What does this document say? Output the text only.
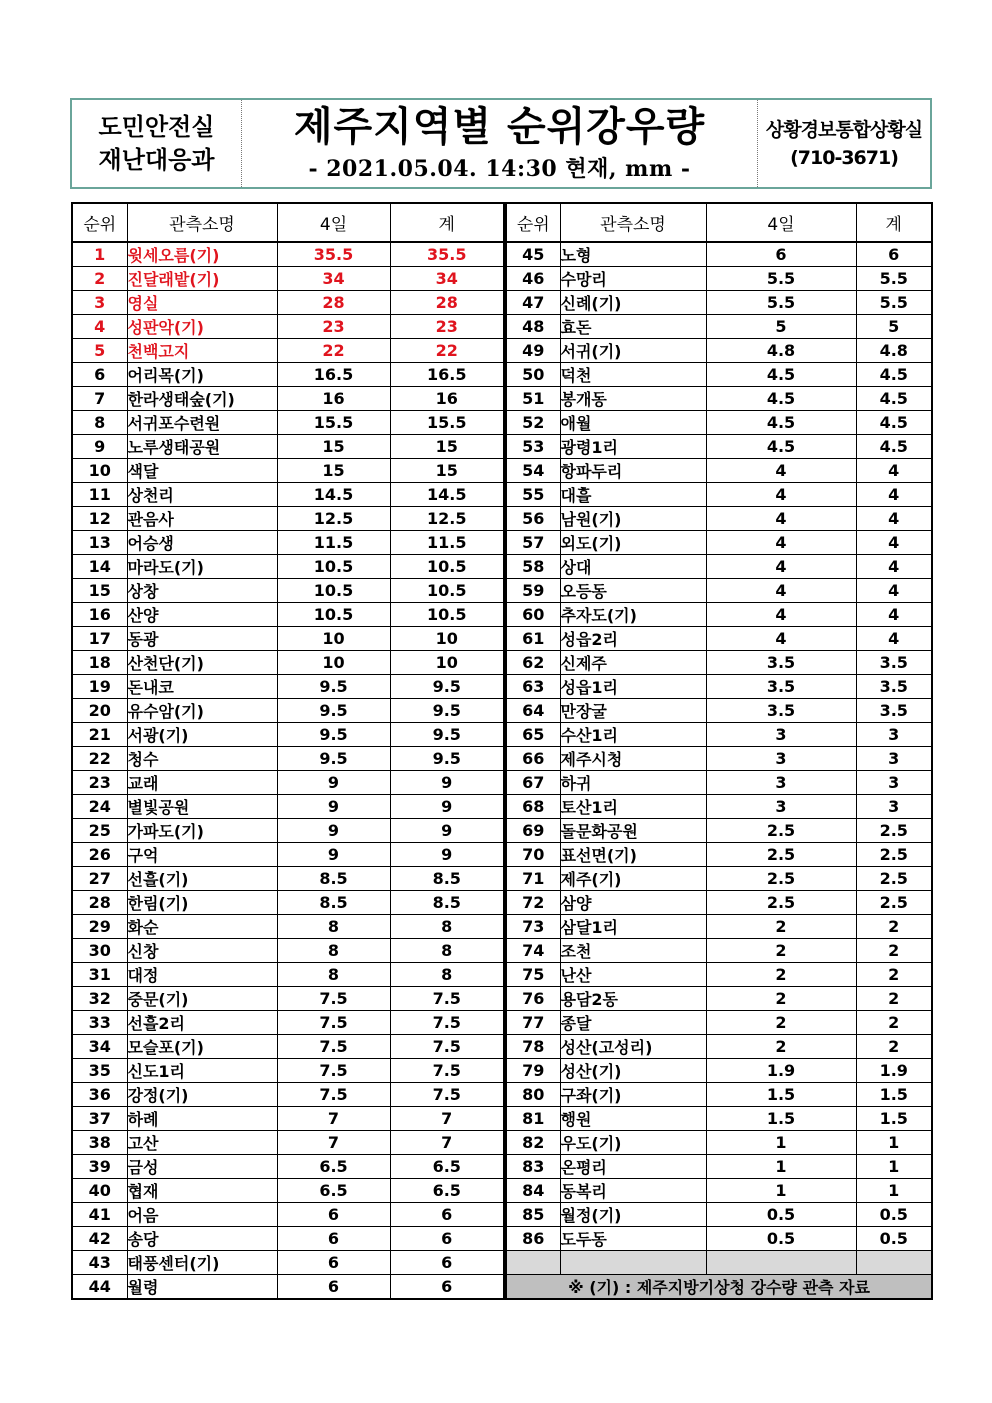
도민안전실
재난대응과
제주지역별 순위강우량
- 2021.05.04. 14:30 현재, mm -
상황경보통합상황실
(710-3671)
순위	관측소명	4일	계
1	윗세오름(기)	35.5	35.5
2	진달래밭(기)	34	34
3	영실	28	28
4	성판악(기)	23	23
5	천백고지	22	22
6	어리목(기)	16.5	16.5
7	한라생태숲(기)	16	16
8	서귀포수련원	15.5	15.5
9	노루생태공원	15	15
10	색달	15	15
11	상천리	14.5	14.5
12	관음사	12.5	12.5
13	어승생	11.5	11.5
14	마라도(기)	10.5	10.5
15	상창	10.5	10.5
16	산양	10.5	10.5
17	동광	10	10
18	산천단(기)	10	10
19	돈내코	9.5	9.5
20	유수암(기)	9.5	9.5
21	서광(기)	9.5	9.5
22	청수	9.5	9.5
23	교래	9	9
24	별빛공원	9	9
25	가파도(기)	9	9
26	구억	9	9
27	선흘(기)	8.5	8.5
28	한림(기)	8.5	8.5
29	화순	8	8
30	신창	8	8
31	대정	8	8
32	중문(기)	7.5	7.5
33	선흘2리	7.5	7.5
34	모슬포(기)	7.5	7.5
35	신도1리	7.5	7.5
36	강정(기)	7.5	7.5
37	하례	7	7
38	고산	7	7
39	금성	6.5	6.5
40	협재	6.5	6.5
41	어음	6	6
42	송당	6	6
43	태풍센터(기)	6	6
44	월령	6	6
순위	관측소명	4일	계
45	노형	6	6
46	수망리	5.5	5.5
47	신례(기)	5.5	5.5
48	효돈	5	5
49	서귀(기)	4.8	4.8
50	덕천	4.5	4.5
51	봉개동	4.5	4.5
52	애월	4.5	4.5
53	광령1리	4.5	4.5
54	항파두리	4	4
55	대흘	4	4
56	남원(기)	4	4
57	외도(기)	4	4
58	상대	4	4
59	오등동	4	4
60	추자도(기)	4	4
61	성읍2리	4	4
62	신제주	3.5	3.5
63	성읍1리	3.5	3.5
64	만장굴	3.5	3.5
65	수산1리	3	3
66	제주시청	3	3
67	하귀	3	3
68	토산1리	3	3
69	돌문화공원	2.5	2.5
70	표선면(기)	2.5	2.5
71	제주(기)	2.5	2.5
72	삼양	2.5	2.5
73	삼달1리	2	2
74	조천	2	2
75	난산	2	2
76	용담2동	2	2
77	종달	2	2
78	성산(고성리)	2	2
79	성산(기)	1.9	1.9
80	구좌(기)	1.5	1.5
81	행원	1.5	1.5
82	우도(기)	1	1
83	온평리	1	1
84	동복리	1	1
85	월정(기)	0.5	0.5
86	도두동	0.5	0.5

※ (기) : 제주지방기상청 강수량 관측 자료			
